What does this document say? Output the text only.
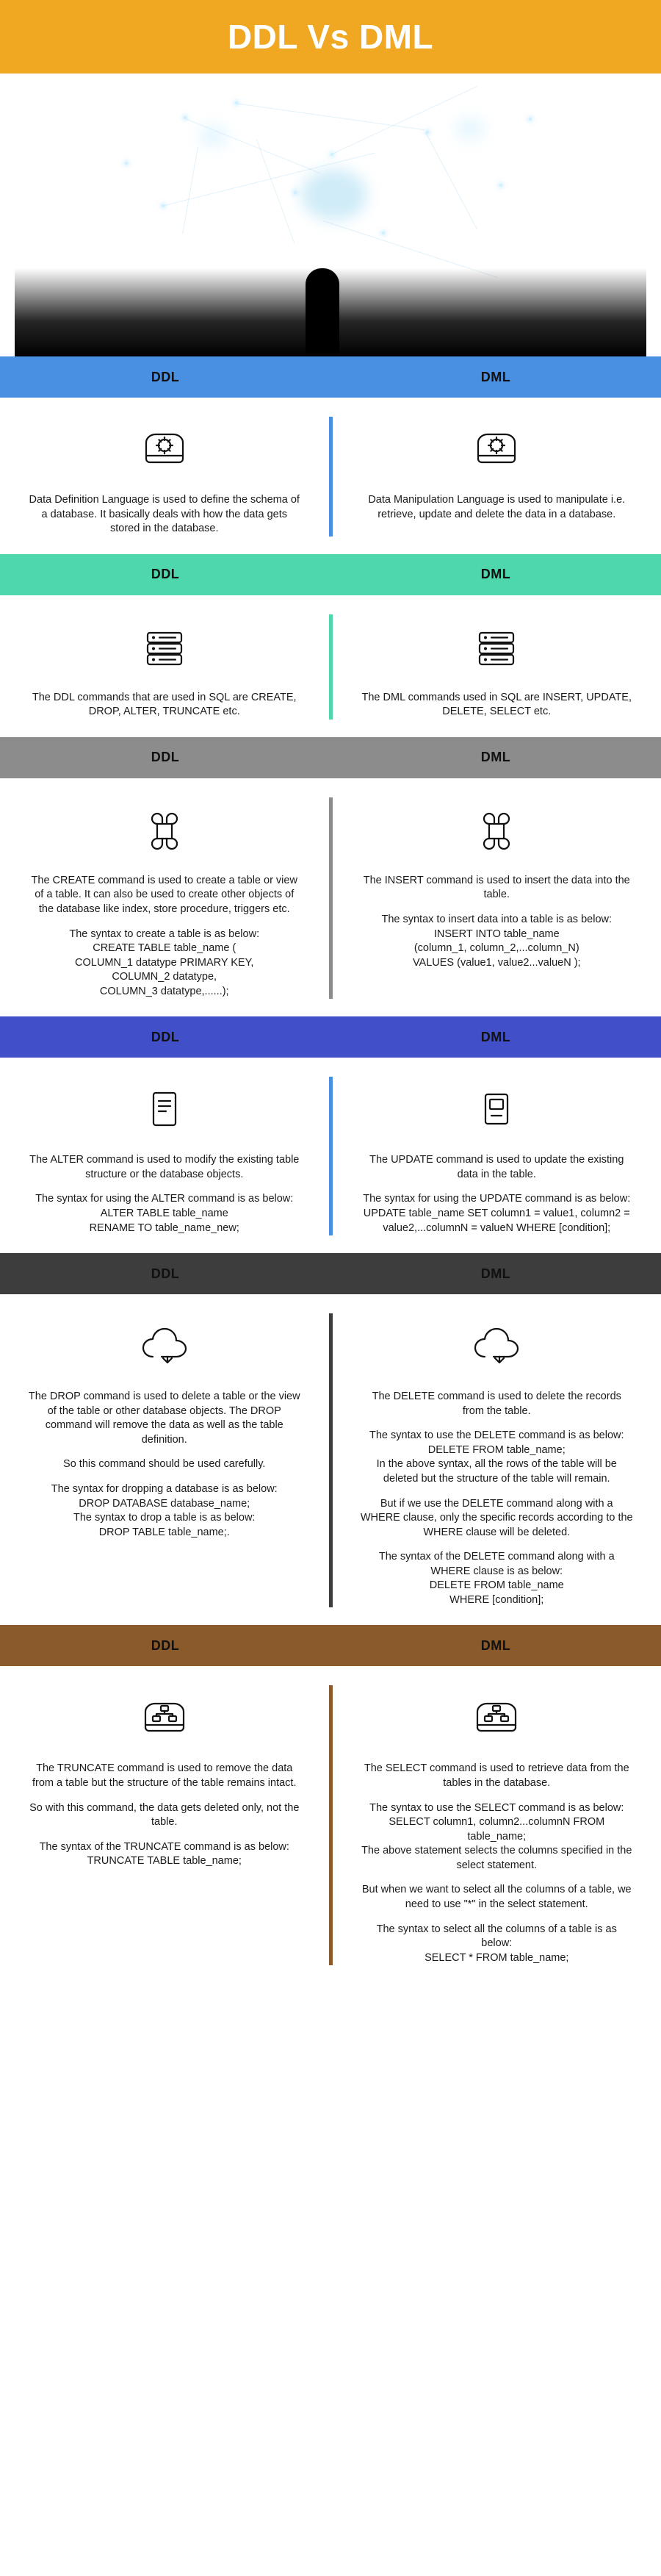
DDL Vs DML
DDL	DML

Data Definition Language is used to define the schema of a database. It basically deals with how the data gets stored in the database.

Data Manipulation Language is used to manipulate i.e. retrieve, update and delete the data in a database.

DDL	DML

The DDL commands that are used in SQL are CREATE, DROP, ALTER, TRUNCATE etc.

The DML commands used in SQL are INSERT, UPDATE, DELETE, SELECT etc.

DDL	DML

The CREATE command is used to create a table or view of a table. It can also be used to create other objects of the database like index, store procedure, triggers etc.

The syntax to create a table is as below:
CREATE TABLE table_name (
COLUMN_1 datatype PRIMARY KEY,
COLUMN_2 datatype,
COLUMN_3 datatype,......);

The INSERT command is used to insert the data into the table.

The syntax to insert data into a table is as below:
INSERT INTO table_name
(column_1, column_2,...column_N)
VALUES (value1, value2...valueN );

DDL	DML

The ALTER command is used to modify the existing table structure or the database objects.

The syntax for using the ALTER command is as below:
ALTER TABLE table_name
RENAME TO table_name_new;

The UPDATE command is used to update the existing data in the table.

The syntax for using the UPDATE command is as below:
UPDATE table_name SET column1 = value1, column2 = value2,...columnN = valueN WHERE [condition];

DDL	DML

The DROP command is used to delete a table or the view of the table or other database objects. The DROP command will remove the data as well as the table definition.

So this command should be used carefully.

The syntax for dropping a database is as below:
DROP DATABASE database_name;
The syntax to drop a table is as below:
DROP TABLE table_name;.

The DELETE command is used to delete the records from the table.

The syntax to use the DELETE command is as below:
DELETE FROM table_name;
In the above syntax, all the rows of the table will be deleted but the structure of the table will remain.

But if we use the DELETE command along with a WHERE clause, only the specific records according to the WHERE clause will be deleted.

The syntax of the DELETE command along with a WHERE clause is as below:
DELETE FROM table_name
WHERE [condition];

DDL	DML

The TRUNCATE command is used to remove the data from a table but the structure of the table remains intact.

So with this command, the data gets deleted only, not the table.

The syntax of the TRUNCATE command is as below:
TRUNCATE TABLE table_name;

The SELECT command is used to retrieve data from the tables in the database.

The syntax to use the SELECT command is as below:
SELECT column1, column2...columnN FROM table_name;
The above statement selects the columns specified in the select statement.

But when we want to select all the columns of a table, we need to use "*" in the select statement.

The syntax to select all the columns of a table is as below:
SELECT * FROM table_name;
